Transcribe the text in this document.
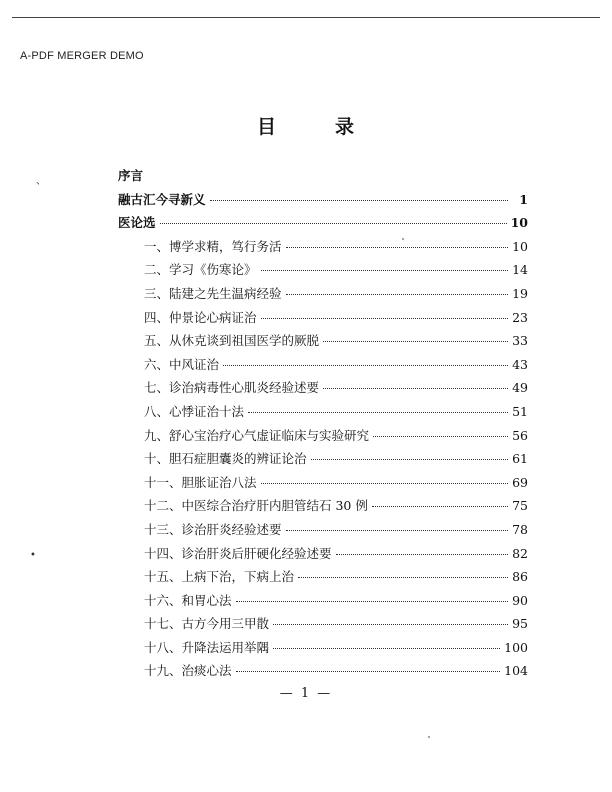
A-PDF MERGER DEMO
目	录
、
•
序言
融古汇今寻新义	1
医论选	10
一、博学求精，笃行务活	10
二、学习《伤寒论》	14
三、陆建之先生温病经验	19
四、仲景论心病证治	23
五、从休克谈到祖国医学的厥脱	33
六、中风证治	43
七、诊治病毒性心肌炎经验述要	49
八、心悸证治十法	51
九、舒心宝治疗心气虚证临床与实验研究	56
十、胆石症胆囊炎的辨证论治	61
十一、胆胀证治八法	69
十二、中医综合治疗肝内胆管结石 30 例	75
十三、诊治肝炎经验述要	78
十四、诊治肝炎后肝硬化经验述要	82
十五、上病下治，下病上治	86
十六、和胃心法	90
十七、古方今用三甲散	95
十八、升降法运用举隅	100
十九、治痰心法	104
— 1 —
